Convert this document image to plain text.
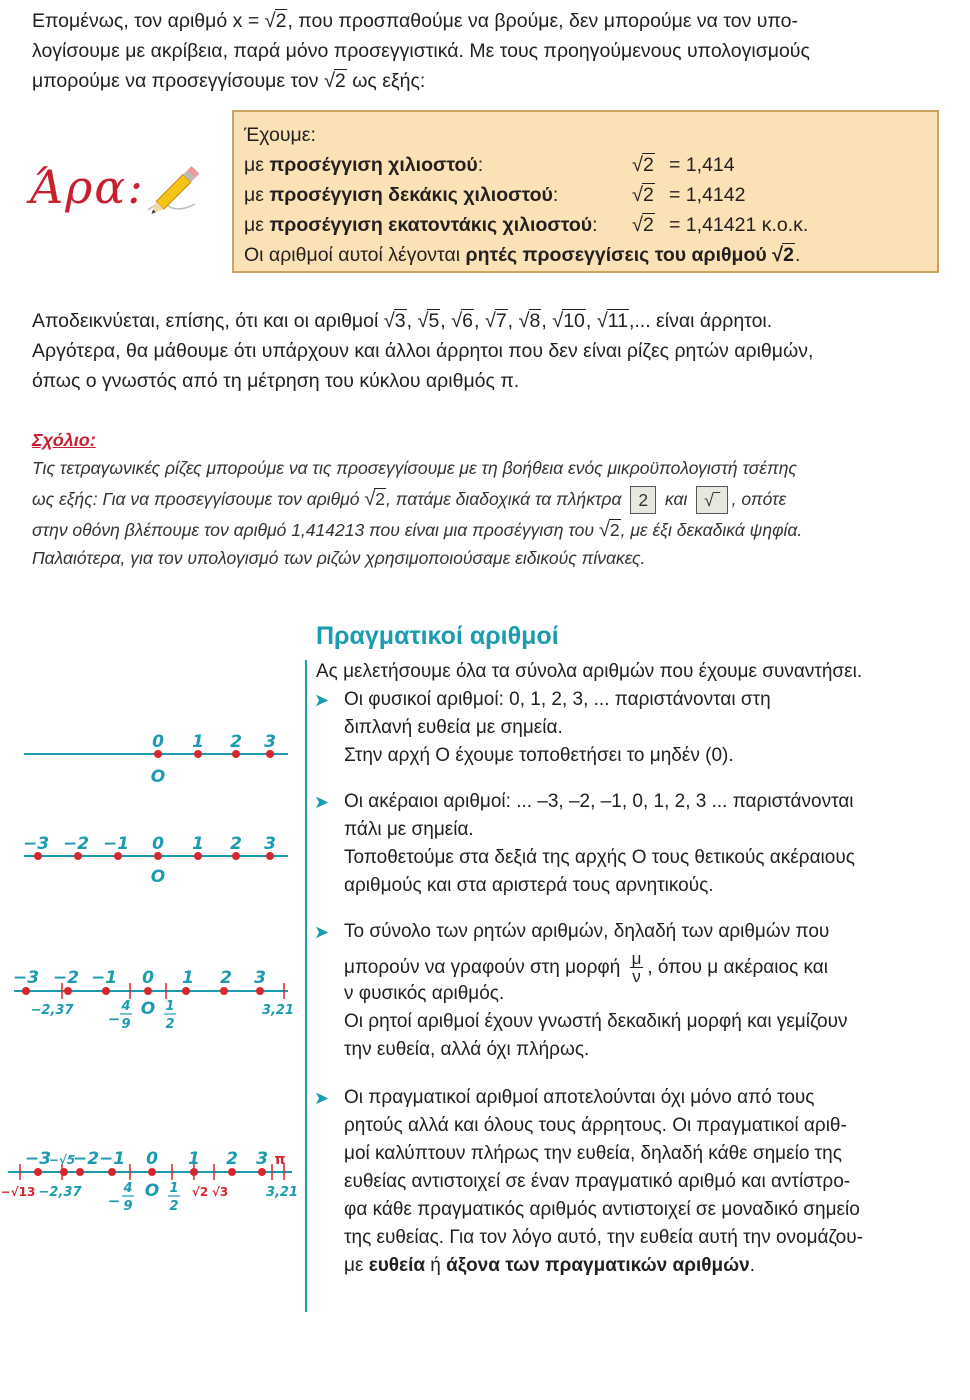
Επομένως, τον αριθμό x = √2, που προσπαθούμε να βρούμε, δεν μπορούμε να τον υπο-
λογίσουμε με ακρίβεια, παρά μόνο προσεγγιστικά. Με τους προηγούμενους υπολογισμούς
μπορούμε να προσεγγίσουμε τον √2 ως εξής:
Άρα:
Έχουμε:
με προσέγγιση χιλιοστού:	√2 = 1,414
με προσέγγιση δεκάκις χιλιοστού:	√2 = 1,4142
με προσέγγιση εκατοντάκις χιλιοστού: √2 = 1,41421 κ.ο.κ.
Οι αριθμοί αυτοί λέγονται ρητές προσεγγίσεις του αριθμού √2.
Αποδεικνύεται, επίσης, ότι και οι αριθμοί √3, √5, √6, √7, √8, √10, √11,... είναι άρρητοι.
Αργότερα, θα μάθουμε ότι υπάρχουν και άλλοι άρρητοι που δεν είναι ρίζες ρητών αριθμών,
όπως ο γνωστός από τη μέτρηση του κύκλου αριθμός π.
Σχόλιο:
Τις τετραγωνικές ρίζες μπορούμε να τις προσεγγίσουμε με τη βοήθεια ενός μικροϋπολογιστή τσέπης
ως εξής: Για να προσεγγίσουμε τον αριθμό √2, πατάμε διαδοχικά τα πλήκτρα 2 και √‾ , οπότε
στην οθόνη βλέπουμε τον αριθμό 1,414213 που είναι μια προσέγγιση του √2, με έξι δεκαδικά ψηφία.
Παλαιότερα, για τον υπολογισμό των ριζών χρησιμοποιούσαμε ειδικούς πίνακες.
Πραγματικοί αριθμοί
Ας μελετήσουμε όλα τα σύνολα αριθμών που έχουμε συναντήσει.
➤ Οι φυσικοί αριθμοί: 0, 1, 2, 3, ... παριστάνονται στη
διπλανή ευθεία με σημεία.
Στην αρχή Ο έχουμε τοποθετήσει το μηδέν (0).
➤ Οι ακέραιοι αριθμοί: ... –3, –2, –1, 0, 1, 2, 3 ... παριστάνονται
πάλι με σημεία.
Τοποθετούμε στα δεξιά της αρχής Ο τους θετικούς ακέραιους
αριθμούς και στα αριστερά τους αρνητικούς.
➤ Το σύνολο των ρητών αριθμών, δηλαδή των αριθμών που
μπορούν να γραφούν στη μορφή $\frac{\mu}{\nu}$ , όπου μ ακέραιος και
ν φυσικός αριθμός.
Οι ρητοί αριθμοί έχουν γνωστή δεκαδική μορφή και γεμίζουν
την ευθεία, αλλά όχι πλήρως.
➤ Οι πραγματικοί αριθμοί αποτελούνται όχι μόνο από τους
ρητούς αλλά και όλους τους άρρητους. Οι πραγματικοί αριθ-
μοί καλύπτουν πλήρως την ευθεία, δηλαδή κάθε σημείο της
ευθείας αντιστοιχεί σε έναν πραγματικό αριθμό και αντίστρο-
φα κάθε πραγματικός αριθμός αντιστοιχεί σε μοναδικό σημείο
της ευθείας. Για τον λόγο αυτό, την ευθεία αυτή την ονομάζου-
με ευθεία ή άξονα των πραγματικών αριθμών.
0 1 2 3
O
−3 −2 −1 0 1 2 3
O
−3 −2 −1 0 1 2 3
O
−2,37	3,21
−
4
9
1
2
−3
−√5
−2 −1 0 1 2 3 π
O
−√13 −2,37 −
4
9
1
2
√2 √3	3,21
